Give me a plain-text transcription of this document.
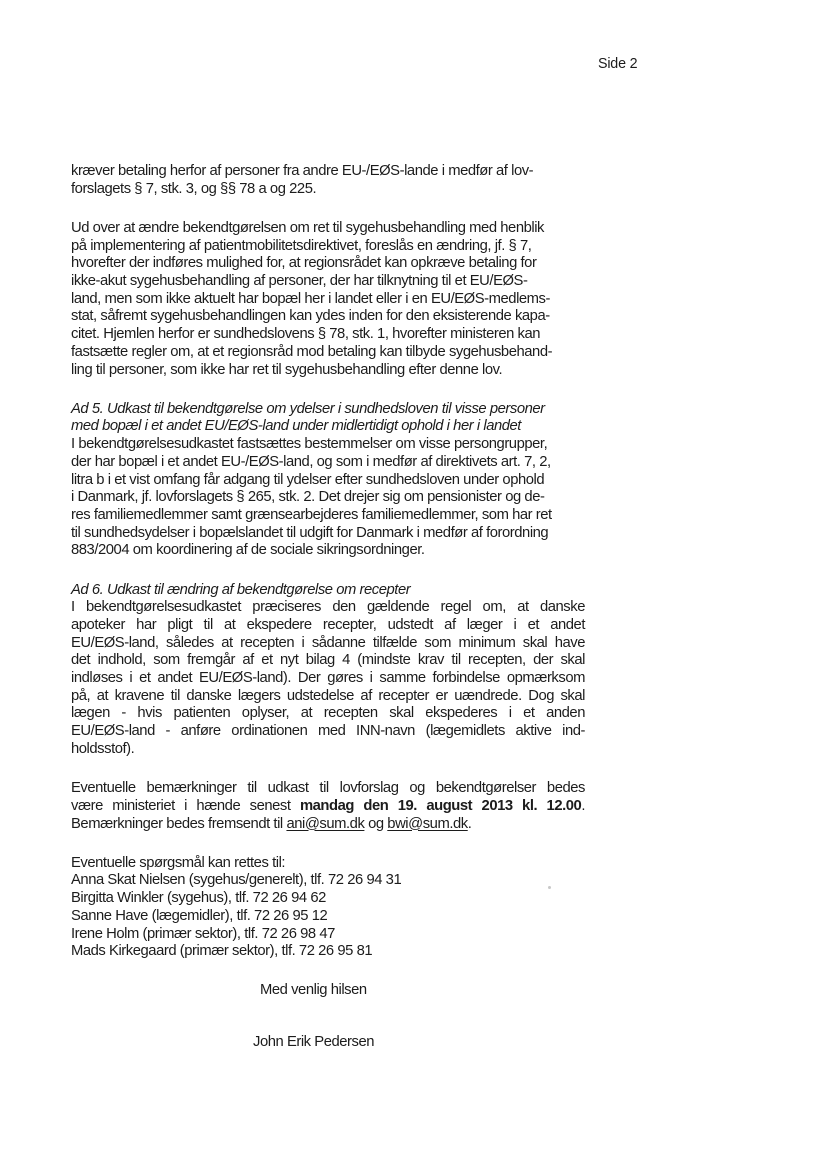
Side 2
kræver betaling herfor af personer fra andre EU-/EØS-lande i medfør af lov-
forslagets § 7, stk. 3, og §§ 78 a og 225.
Ud over at ændre bekendtgørelsen om ret til sygehusbehandling med henblik
på implementering af patientmobilitetsdirektivet, foreslås en ændring, jf. § 7,
hvorefter der indføres mulighed for, at regionsrådet kan opkræve betaling for
ikke-akut sygehusbehandling af personer, der har tilknytning til et EU/EØS-
land, men som ikke aktuelt har bopæl her i landet eller i en EU/EØS-medlems-
stat, såfremt sygehusbehandlingen kan ydes inden for den eksisterende kapa-
citet. Hjemlen herfor er sundhedslovens § 78, stk. 1, hvorefter ministeren kan
fastsætte regler om, at et regionsråd mod betaling kan tilbyde sygehusbehand-
ling til personer, som ikke har ret til sygehusbehandling efter denne lov.
Ad 5. Udkast til bekendtgørelse om ydelser i sundhedsloven til visse personer
med bopæl i et andet EU/EØS-land under midlertidigt ophold i her i landet
I bekendtgørelsesudkastet fastsættes bestemmelser om visse persongrupper,
der har bopæl i et andet EU-/EØS-land, og som i medfør af direktivets art. 7, 2,
litra b i et vist omfang får adgang til ydelser efter sundhedsloven under ophold
i Danmark, jf. lovforslagets § 265, stk. 2. Det drejer sig om pensionister og de-
res familiemedlemmer samt grænsearbejderes familiemedlemmer, som har ret
til sundhedsydelser i bopælslandet til udgift for Danmark i medfør af forordning
883/2004 om koordinering af de sociale sikringsordninger.
Ad 6. Udkast til ændring af bekendtgørelse om recepter
I bekendtgørelsesudkastet præciseres den gældende regel om, at danske
apoteker har pligt til at ekspedere recepter, udstedt af læger i et andet
EU/EØS-land, således at recepten i sådanne tilfælde som minimum skal have
det indhold, som fremgår af et nyt bilag 4 (mindste krav til recepten, der skal
indløses i et andet EU/EØS-land). Der gøres i samme forbindelse opmærksom
på, at kravene til danske lægers udstedelse af recepter er uændrede. Dog skal
lægen - hvis patienten oplyser, at recepten skal ekspederes i et anden
EU/EØS-land - anføre ordinationen med INN-navn (lægemidlets aktive ind-
holdsstof).
Eventuelle bemærkninger til udkast til lovforslag og bekendtgørelser bedes
være ministeriet i hænde senest mandag den 19. august 2013 kl. 12.00.
Bemærkninger bedes fremsendt til ani@sum.dk og bwi@sum.dk.
Eventuelle spørgsmål kan rettes til:
Anna Skat Nielsen (sygehus/generelt), tlf. 72 26 94 31
Birgitta Winkler (sygehus), tlf. 72 26 94 62
Sanne Have (lægemidler), tlf. 72 26 95 12
Irene Holm (primær sektor), tlf. 72 26 98 47
Mads Kirkegaard (primær sektor), tlf. 72 26 95 81
Med venlig hilsen
John Erik Pedersen
